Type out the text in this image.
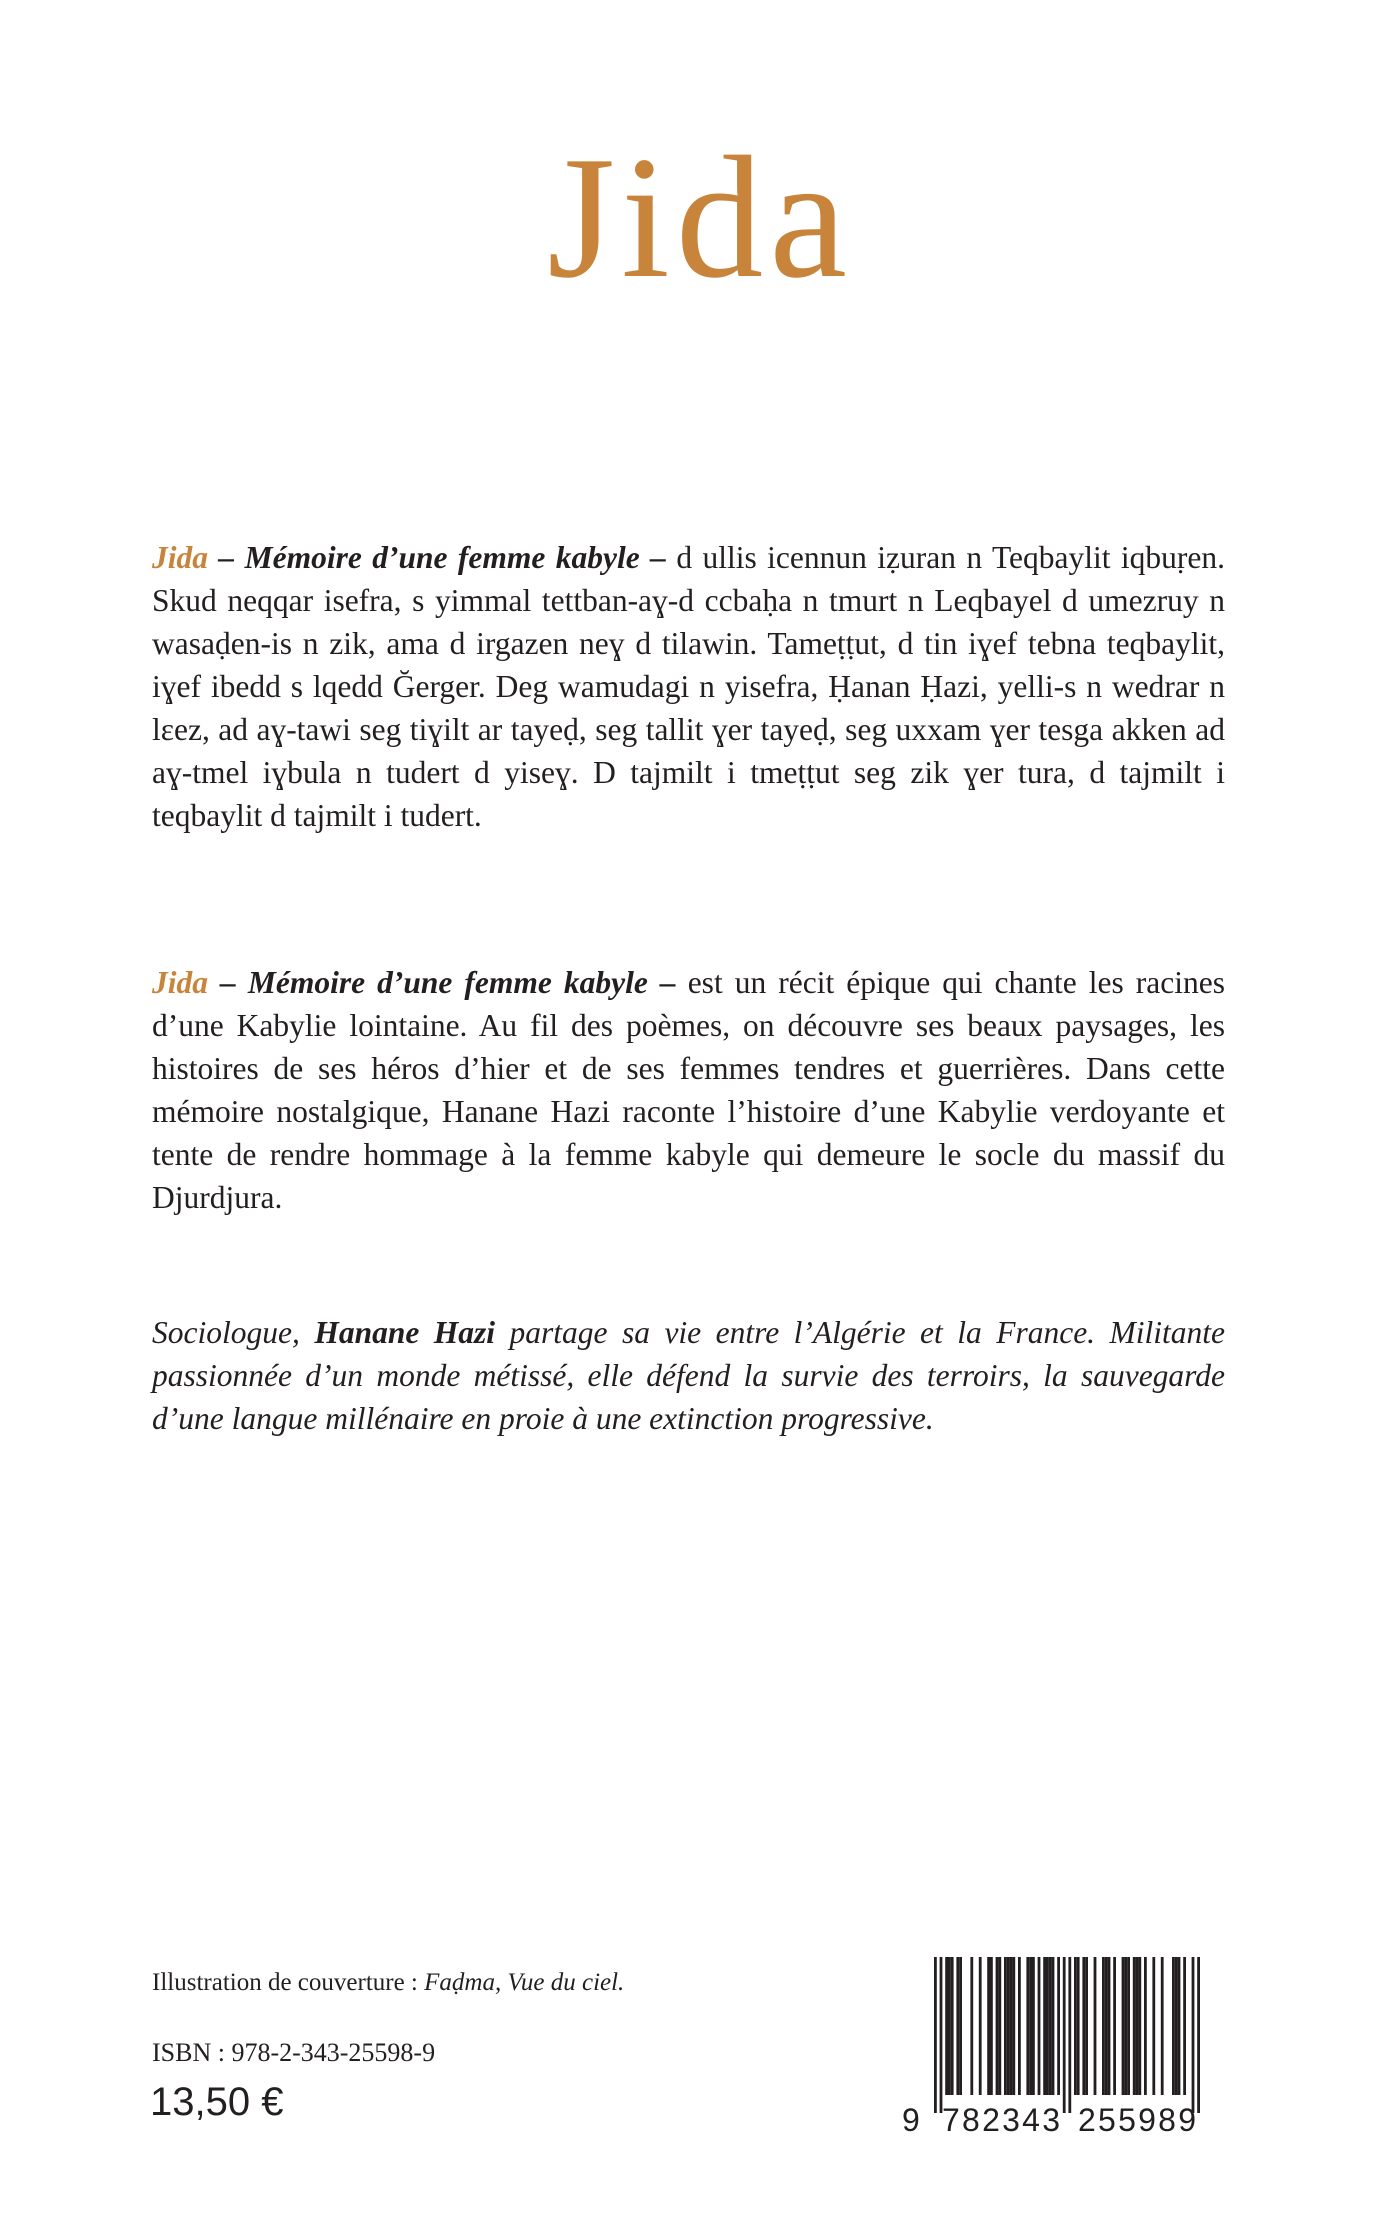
Jida
Jida – Mémoire d’une femme kabyle – d ullis icennun iẓuran n Teqbaylit iqbuṛen. Skud neqqar isefra, s yimmal tettban-aɣ-d ccbaḥa n tmurt n Leqbayel d umezruy n wasaḍen-is n zik, ama d irgazen neɣ d tilawin. Tameṭṭut, d tin iɣef tebna teqbaylit, iɣef ibedd s lqedd Ğerger. Deg wamudagi n yisefra, Ḥanan Ḥazi, yelli-s n wedrar n lɛez, ad aɣ-tawi seg tiɣilt ar tayeḍ, seg tallit ɣer tayeḍ, seg uxxam ɣer tesga akken ad aɣ-tmel iɣbula n tudert d yiseɣ. D tajmilt i tmeṭṭut seg zik ɣer tura, d tajmilt i teqbaylit d tajmilt i tudert.
Jida – Mémoire d’une femme kabyle – est un récit épique qui chante les racines d’une Kabylie lointaine. Au fil des poèmes, on découvre ses beaux paysages, les histoires de ses héros d’hier et de ses femmes tendres et guerrières. Dans cette mémoire nostalgique, Hanane Hazi raconte l’histoire d’une Kabylie verdoyante et tente de rendre hommage à la femme kabyle qui demeure le socle du massif du Djurdjura.
Sociologue, Hanane Hazi partage sa vie entre l’Algérie et la France. Militante passionnée d’un monde métissé, elle défend la survie des terroirs, la sauvegarde d’une langue millénaire en proie à une extinction progressive.
Illustration de couverture : Faḍma, Vue du ciel.
ISBN : 978-2-343-25598-9
13,50 €	9 782343 255989
